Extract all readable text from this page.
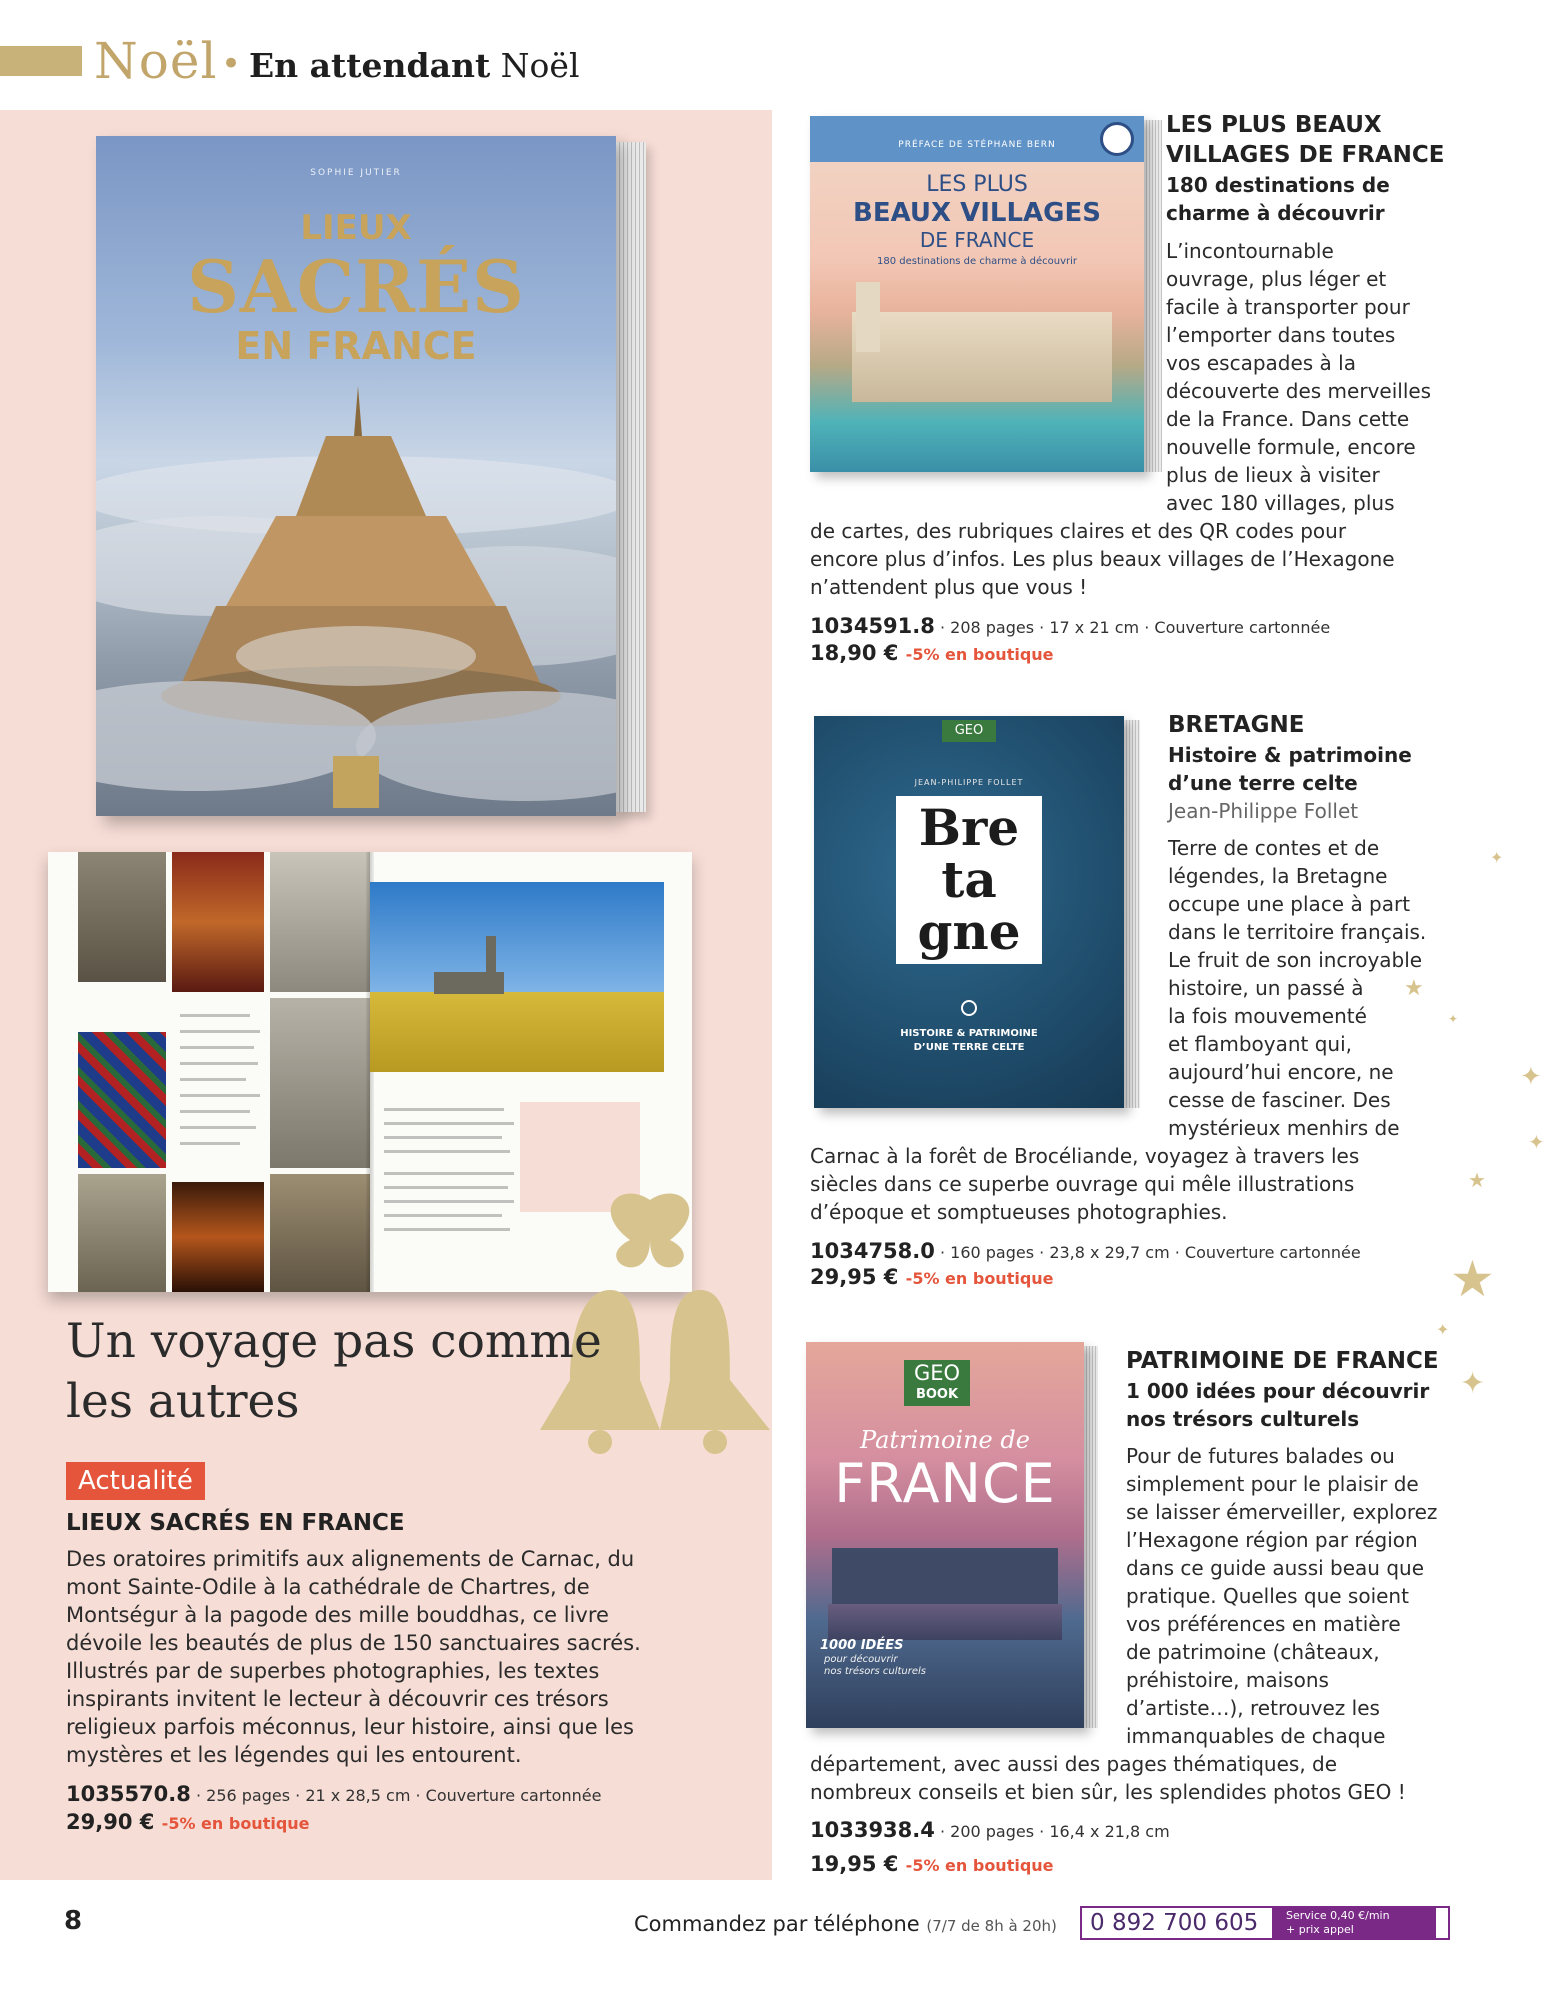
Noël • En attendant Noël
SOPHIE JUTIER
LIEUX
SACRÉS
EN FRANCE
Un voyage pas comme
les autres
Actualité
LIEUX SACRÉS EN FRANCE
Des oratoires primitifs aux alignements de Carnac, du mont Sainte-Odile à la cathédrale de Chartres, de Montségur à la pagode des mille bouddhas, ce livre dévoile les beautés de plus de 150 sanctuaires sacrés. Illustrés par de superbes photographies, les textes inspirants invitent le lecteur à découvrir ces trésors religieux parfois méconnus, leur histoire, ainsi que les mystères et les légendes qui les entourent.
1035570.8 · 256 pages · 21 x 28,5 cm · Couverture cartonnée
29,90 € -5% en boutique
PRÉFACE DE STÉPHANE BERN
LES PLUS
BEAUX VILLAGES
DE FRANCE
180 destinations de charme à découvrir
LES PLUS BEAUX
VILLAGES DE FRANCE
180 destinations de
charme à découvrir
L’incontournable
ouvrage, plus léger et
facile à transporter pour
l’emporter dans toutes
vos escapades à la
découverte des merveilles
de la France. Dans cette
nouvelle formule, encore
plus de lieux à visiter
avec 180 villages, plus
de cartes, des rubriques claires et des QR codes pour
encore plus d’infos. Les plus beaux villages de l’Hexagone
n’attendent plus que vous !
1034591.8 · 208 pages · 17 x 21 cm · Couverture cartonnée
18,90 € -5% en boutique
GEO
JEAN-PHILIPPE FOLLET
Bre
ta
gne
HISTOIRE & PATRIMOINE
D’UNE TERRE CELTE
BRETAGNE
Histoire & patrimoine
d’une terre celte
Jean-Philippe Follet
Terre de contes et de
légendes, la Bretagne
occupe une place à part
dans le territoire français.
Le fruit de son incroyable
histoire, un passé à
la fois mouvementé
et flamboyant qui,
aujourd’hui encore, ne
cesse de fasciner. Des
mystérieux menhirs de
Carnac à la forêt de Brocéliande, voyagez à travers les
siècles dans ce superbe ouvrage qui mêle illustrations
d’époque et somptueuses photographies.
1034758.0 · 160 pages · 23,8 x 29,7 cm · Couverture cartonnée
29,95 € -5% en boutique
GEO
BOOK
Patrimoine de
FRANCE
1000 IDÉES
pour découvrir
nos trésors culturels
PATRIMOINE DE FRANCE
1 000 idées pour découvrir
nos trésors culturels
Pour de futures balades ou
simplement pour le plaisir de
se laisser émerveiller, explorez
l’Hexagone région par région
dans ce guide aussi beau que
pratique. Quelles que soient
vos préférences en matière
de patrimoine (châteaux,
préhistoire, maisons
d’artiste…), retrouvez les
immanquables de chaque
département, avec aussi des pages thématiques, de
nombreux conseils et bien sûr, les splendides photos GEO !
1033938.4 · 200 pages · 16,4 x 21,8 cm
19,95 € -5% en boutique
✦
★
✦
✦
✦
★
★
✦
✦
8	Commandez par téléphone (7/7 de 8h à 20h) 0 892 700 605	Service 0,40 €/min
+ prix appel
